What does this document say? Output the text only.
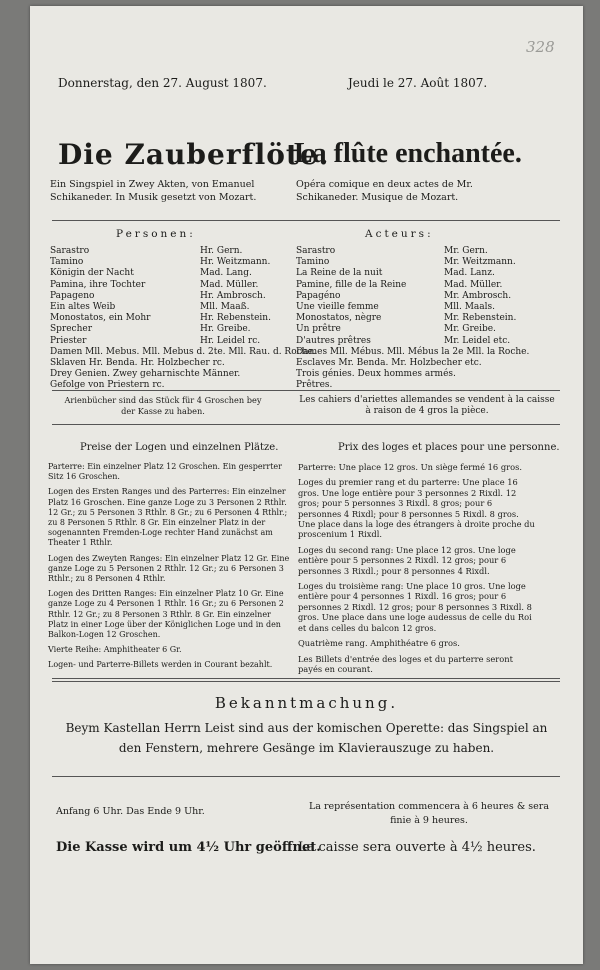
328
Donnerstag, den 27. August 1807.	Jeudi le 27. Août 1807.
Die Zauberflöte.
La flûte enchantée.
Ein Singspiel in Zwey Akten, von Emanuel Schikaneder. In Musik gesetzt von Mozart.
Opéra comique en deux actes de Mr. Schikaneder. Musique de Mozart.
Personen:	Acteurs:
Sarastro	Hr. Gern.
Tamino	Hr. Weitzmann.
Königin der Nacht	Mad. Lang.
Pamina, ihre Tochter	Mad. Müller.
Papageno	Hr. Ambrosch.
Ein altes Weib	Mll. Maaß.
Monostatos, ein Mohr	Hr. Rebenstein.
Sprecher	Hr. Greibe.
Priester	Hr. Leidel rc.
Damen Mll. Mebus. Mll. Mebus d. 2te. Mll. Rau. d. Roche.
Sklaven Hr. Benda. Hr. Holzbecher rc.
Drey Genien. Zwey geharnischte Männer.
Gefolge von Priestern rc.
Sarastro	Mr. Gern.
Tamino	Mr. Weitzmann.
La Reine de la nuit	Mad. Lanz.
Pamine, fille de la Reine	Mad. Müller.
Papagéno	Mr. Ambrosch.
Une vieille femme	Mll. Maals.
Monostatos, nègre	Mr. Rebenstein.
Un prêtre	Mr. Greibe.
D'autres prêtres	Mr. Leidel etc.
Dames Mll. Mébus. Mll. Mébus la 2e Mll. la Roche.
Esclaves Mr. Benda. Mr. Holzbecher etc.
Trois génies. Deux hommes armés.
Prêtres.
Arienbücher sind das Stück für 4 Groschen bey der Kasse zu haben.
Les cahiers d'ariettes allemandes se vendent à la caisse à raison de 4 gros la pièce.
Preise der Logen und einzelnen Plätze.	Prix des loges et places pour une personne.

Parterre: Ein einzelner Platz 12 Groschen. Ein gesperrter Sitz 16 Groschen.

Logen des Ersten Ranges und des Parterres: Ein einzelner Platz 16 Groschen. Eine ganze Loge zu 3 Personen 2 Rthlr. 12 Gr.; zu 5 Personen 3 Rthlr. 8 Gr.; zu 6 Personen 4 Rthlr.; zu 8 Personen 5 Rthlr. 8 Gr. Ein einzelner Platz in der sogenannten Fremden-Loge rechter Hand zunächst am Theater 1 Rthlr.

Logen des Zweyten Ranges: Ein einzelner Platz 12 Gr. Eine ganze Loge zu 5 Personen 2 Rthlr. 12 Gr.; zu 6 Personen 3 Rthlr.; zu 8 Personen 4 Rthlr.

Logen des Dritten Ranges: Ein einzelner Platz 10 Gr. Eine ganze Loge zu 4 Personen 1 Rthlr. 16 Gr.; zu 6 Personen 2 Rthlr. 12 Gr.; zu 8 Personen 3 Rthlr. 8 Gr. Ein einzelner Platz in einer Loge über der Königlichen Loge und in den Balkon-Logen 12 Groschen.

Vierte Reihe: Amphitheater 6 Gr.

Logen- und Parterre-Billets werden in Courant bezahlt.

Parterre: Une place 12 gros. Un siège fermé 16 gros.

Loges du premier rang et du parterre: Une place 16 gros. Une loge entière pour 3 personnes 2 Rixdl. 12 gros; pour 5 personnes 3 Rixdl. 8 gros; pour 6 personnes 4 Rixdl; pour 8 personnes 5 Rixdl. 8 gros. Une place dans la loge des étrangers à droite proche du proscenium 1 Rixdl.

Loges du second rang: Une place 12 gros. Une loge entière pour 5 personnes 2 Rixdl. 12 gros; pour 6 personnes 3 Rixdl.; pour 8 personnes 4 Rixdl.

Loges du troisième rang: Une place 10 gros. Une loge entière pour 4 personnes 1 Rixdl. 16 gros; pour 6 personnes 2 Rixdl. 12 gros; pour 8 personnes 3 Rixdl. 8 gros. Une place dans une loge audessus de celle du Roi et dans celles du balcon 12 gros.

Quatrième rang. Amphithéatre 6 gros.

Les Billets d'entrée des loges et du parterre seront payés en courant.

Bekanntmachung.
Beym Kastellan Herrn Leist sind aus der komischen Operette: das Singspiel an den Fenstern, mehrere Gesänge im Klavierauszuge zu haben.
Anfang 6 Uhr. Das Ende 9 Uhr.	La représentation commencera à 6 heures & sera finie à 9 heures.
Die Kasse wird um 4½ Uhr geöffnet.
La caisse sera ouverte à 4½ heures.
